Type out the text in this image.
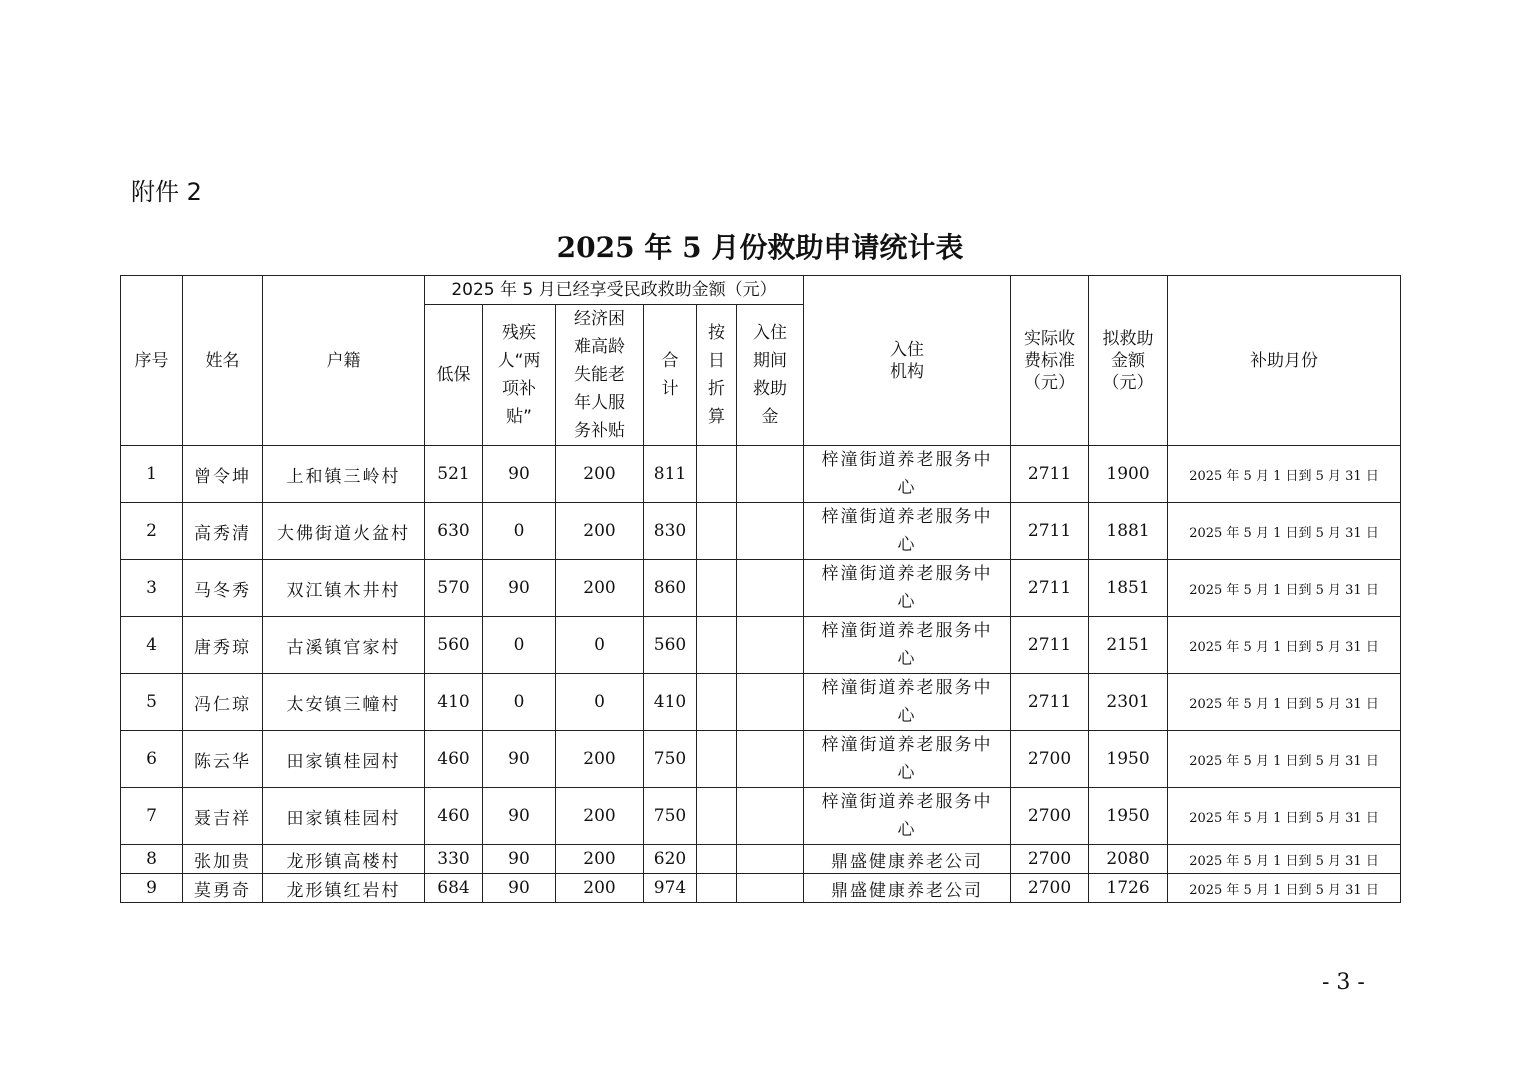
附件 2
2025 年 5 月份救助申请统计表
序号	姓名	户籍	2025 年 5 月已经享受民政救助金额（元）						入住机构	实际收费标准（元）	拟救助金额（元）	补助月份
			低保	残疾人“两项补贴”	经济困难高龄失能老年人服务补贴	合计	按日折算	入住期间救助金				
1	曾令坤	上和镇三岭村	521	90	200	811			梓潼街道养老服务中心	2711	1900	2025 年 5 月 1 日到 5 月 31 日
2	高秀清	大佛街道火盆村	630	0	200	830			梓潼街道养老服务中心	2711	1881	2025 年 5 月 1 日到 5 月 31 日
3	马冬秀	双江镇木井村	570	90	200	860			梓潼街道养老服务中心	2711	1851	2025 年 5 月 1 日到 5 月 31 日
4	唐秀琼	古溪镇官家村	560	0	0	560			梓潼街道养老服务中心	2711	2151	2025 年 5 月 1 日到 5 月 31 日
5	冯仁琼	太安镇三幢村	410	0	0	410			梓潼街道养老服务中心	2711	2301	2025 年 5 月 1 日到 5 月 31 日
6	陈云华	田家镇桂园村	460	90	200	750			梓潼街道养老服务中心	2700	1950	2025 年 5 月 1 日到 5 月 31 日
7	聂吉祥	田家镇桂园村	460	90	200	750			梓潼街道养老服务中心	2700	1950	2025 年 5 月 1 日到 5 月 31 日
8	张加贵	龙形镇高楼村	330	90	200	620			鼎盛健康养老公司	2700	2080	2025 年 5 月 1 日到 5 月 31 日
9	莫勇奇	龙形镇红岩村	684	90	200	974			鼎盛健康养老公司	2700	1726	2025 年 5 月 1 日到 5 月 31 日
- 3 -
